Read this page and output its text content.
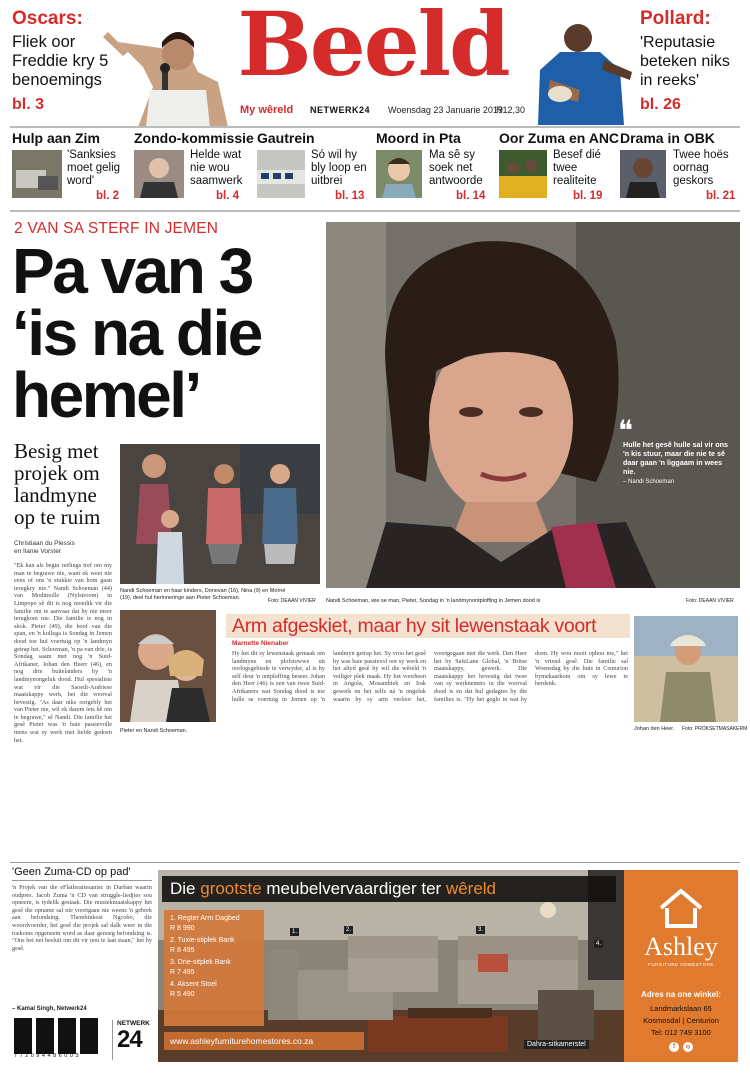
Oscars:
Fliek oor Freddie kry 5 benoemings
bl. 3
Beeld
My wêreld NETWERK24 Woensdag 23 Januarie 2019
R12,30
Pollard:
'Reputasie beteken niks in reeks'
bl. 26
Hulp aan Zim
'Sanksies moet gelig word'
bl. 2
Zondo-kommissie
Helde wat nie wou saamwerk
bl. 4
Gautrein
Só wil hy bly loop en uitbrei
bl. 13
Moord in Pta
Ma sê sy soek net antwoorde
bl. 14
Oor Zuma en ANC
Besef dié twee realiteite
bl. 19
Drama in OBK
Twee hoës oornag geskors
bl. 21
2 VAN SA STERF IN JEMEN
Pa van 3
‘is na die
hemel’	❝
Hulle het gesê hulle sal vir ons 'n kis stuur, maar die nie te sê daar gaan 'n liggaam in wees nie.
– Nandi Schoeman
Nandi Schoeman, wie se man, Pieter, Sondag in 'n landmynontploffing in Jemen dood is	Foto: DEAAN VIVIER
Besig met projek om landmyne op te ruim
Nandi Schoeman en haar kinders, Donovan (16), Nina (9) en Morné (19), deel hul herinneringe aan Pieter Schoeman.	Foto: DEAAN VIVIER
Christiaan du Plessis
en Ilanie Vorster
"Ek kan als begin reëlings tref om my man te begrawe nie, want ek weet nie eens of ons 'n stukkie van hom gaan terugkry nie." Nandi Schoeman (44) van Modimolle (Nylstroom) in Limpopo sê dit is nog moeilik vir die familie om te aanvaar dat hy nie meer terugkom nie. Die familie is nog in skok. Pieter (49), die hoof van die span, en 'n kollega is Sondag in Jemen dood toe hul voertuig op 'n landmyn getrap het. Schoeman, 'n pa van drie, is Sondag saam met nog 'n Suid-Afrikaner, Johan den Heerr (46), en nog drie buitelanders by 'n landmynongeluk dood. Hul spesialiste wat vir die Saoedi-Arabiese maatskappy werk, het die voorval bevestig. "As daar niks oorgebly het van Pieter nie, wil ek darem iets hê om te begrawe," sê Nandi. Die familie het gesê Pieter was 'n baie passievolle mens wat sy werk met liefde gedoen het.
Pieter en Nandi Schoeman.
Arm afgeskiet, maar hy sit lewenstaak voort
Marnette Nienaber
Hy het dit sy lewenstaak gemaak om landmyne en plofstowwe uit oorlogsgebiede te verwyder, al is hy self deur 'n ontploffing beseer. Johan den Heer (46) is een van twee Suid-Afrikaners wat Sondag dood is toe hulle se voertuig in Jemen op 'n landmyn getrap het. Sy vrou het gesê hy was baie passievol oor sy werk en het altyd gesê hy wil die wêreld 'n veiliger plek maak. Hy het voorheen in Angola, Mosambiek en Irak gewerk en het selfs ná 'n ongeluk waarin hy sy arm verloor het, voortgegaan met die werk. Den Heer het by SafeLane Global, 'n Britse maatskappy, gewerk. Die maatskappy het bevestig dat twee van sy werknemers in die voorval dood is en dat hul gedagtes by die families is. "Hy het geglo in wat hy doen. Hy wou nooit ophou nie," het 'n vriend gesê. Die familie sal Woensdag by die huis in Centurion bymekaarkom om sy lewe te herdenk.
Johan den Heer. Foto: PROKSETMASAKERM
'Geen Zuma-CD op pad'
'n Projek van die eFlatleraitesanisc in Durban waarin oudpres. Jacob Zuma 'n CD van struggle-liedjies sou opneem, is tydelik gestaak. Die musiekmaatskappy het gesê die opname sal nie voortgaan nie weens 'n gebrek aan befondsing. Thembinkosi Ngcobo, die woordvoerder, het gesê die projek sal dalk weer in die toekoms opgeneem word as daar genoeg befondsing is. "Ons het net besluit om dit vir nou te laat staan," het hy gesê.
– Kamal Singh, Netwerk24
7 7 2 0 9 4 4 8 6 0 0 3
NETWERK
24
Die grootste meubelvervaardiger ter wêreld
1. Regter Arm Dagbed
R 8 990
2. Tuxie-stiplek Bank
R 8 495
3. Drie-sitplek Bank
R 7 495
4. Aksent Stoel
R 5 490
1.	2.	3.
4.
www.ashleyfurniturehomestores.co.za	Dahra-sitkamerstel
Ashley
FURNITURE HOMESTORE
Adres na one winkel:
Landmarkslaan 65
Kosmosdal | Centurion
Tel: 012 749 3100
f	ig
